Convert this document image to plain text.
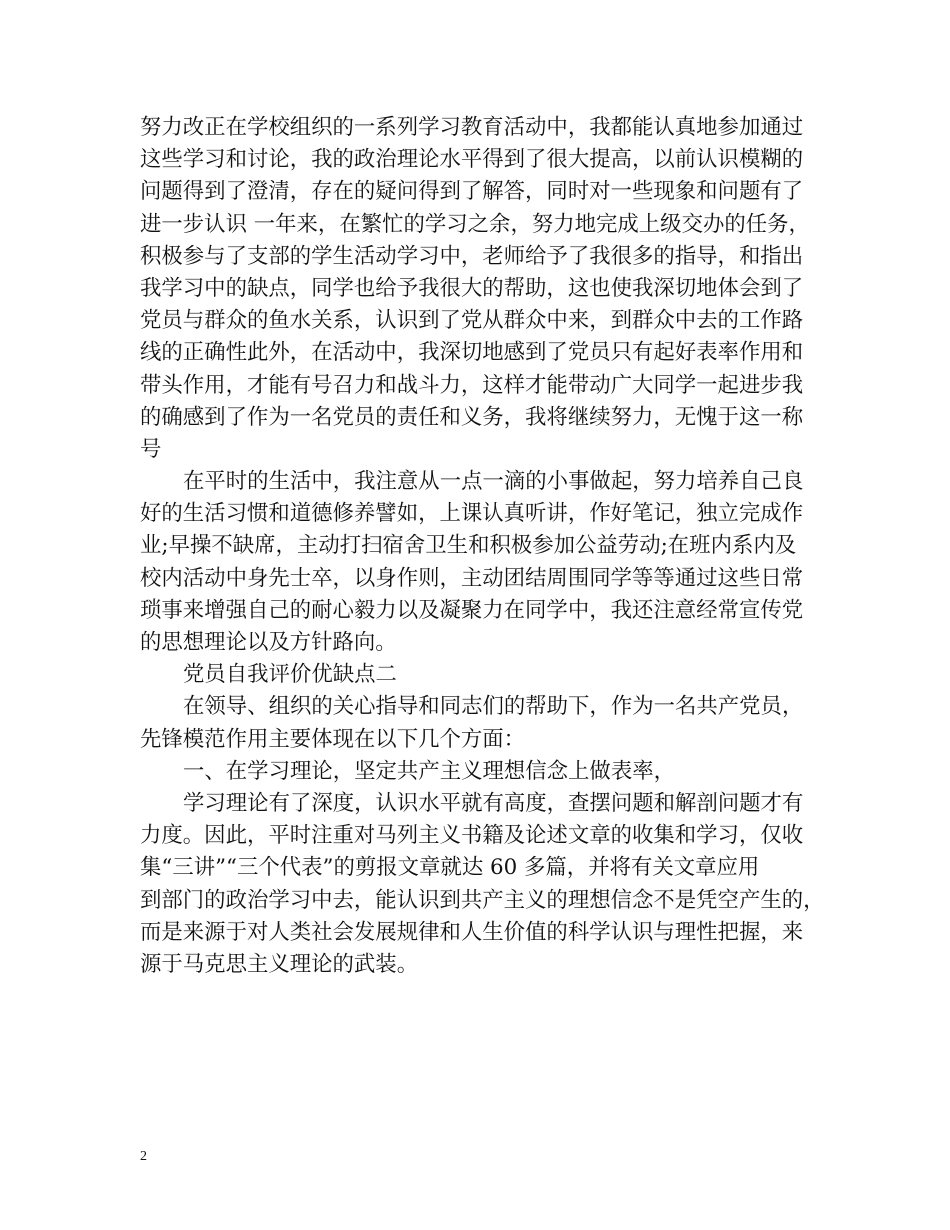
努力改正在学校组织的一系列学习教育活动中，我都能认真地参加通过
这些学习和讨论，我的政治理论水平得到了很大提高，以前认识模糊的
问题得到了澄清，存在的疑问得到了解答，同时对一些现象和问题有了
进一步认识 一年来，在繁忙的学习之余，努力地完成上级交办的任务，
积极参与了支部的学生活动学习中，老师给予了我很多的指导，和指出
我学习中的缺点，同学也给予我很大的帮助，这也使我深切地体会到了
党员与群众的鱼水关系，认识到了党从群众中来，到群众中去的工作路
线的正确性此外，在活动中，我深切地感到了党员只有起好表率作用和
带头作用，才能有号召力和战斗力，这样才能带动广大同学一起进步我
的确感到了作为一名党员的责任和义务，我将继续努力，无愧于这一称
号
在平时的生活中，我注意从一点一滴的小事做起，努力培养自己良
好的生活习惯和道德修养譬如，上课认真听讲，作好笔记，独立完成作
业;早操不缺席，主动打扫宿舍卫生和积极参加公益劳动;在班内系内及
校内活动中身先士卒，以身作则，主动团结周围同学等等通过这些日常
琐事来增强自己的耐心毅力以及凝聚力在同学中，我还注意经常宣传党
的思想理论以及方针路向。
党员自我评价优缺点二
在领导、组织的关心指导和同志们的帮助下，作为一名共产党员，
先锋模范作用主要体现在以下几个方面：
一、在学习理论，坚定共产主义理想信念上做表率，
学习理论有了深度，认识水平就有高度，查摆问题和解剖问题才有
力度。因此，平时注重对马列主义书籍及论述文章的收集和学习，仅收
集“三讲”“三个代表”的剪报文章就达 60 多篇，并将有关文章应用
到部门的政治学习中去，能认识到共产主义的理想信念不是凭空产生的，
而是来源于对人类社会发展规律和人生价值的科学认识与理性把握，来
源于马克思主义理论的武装。
2
